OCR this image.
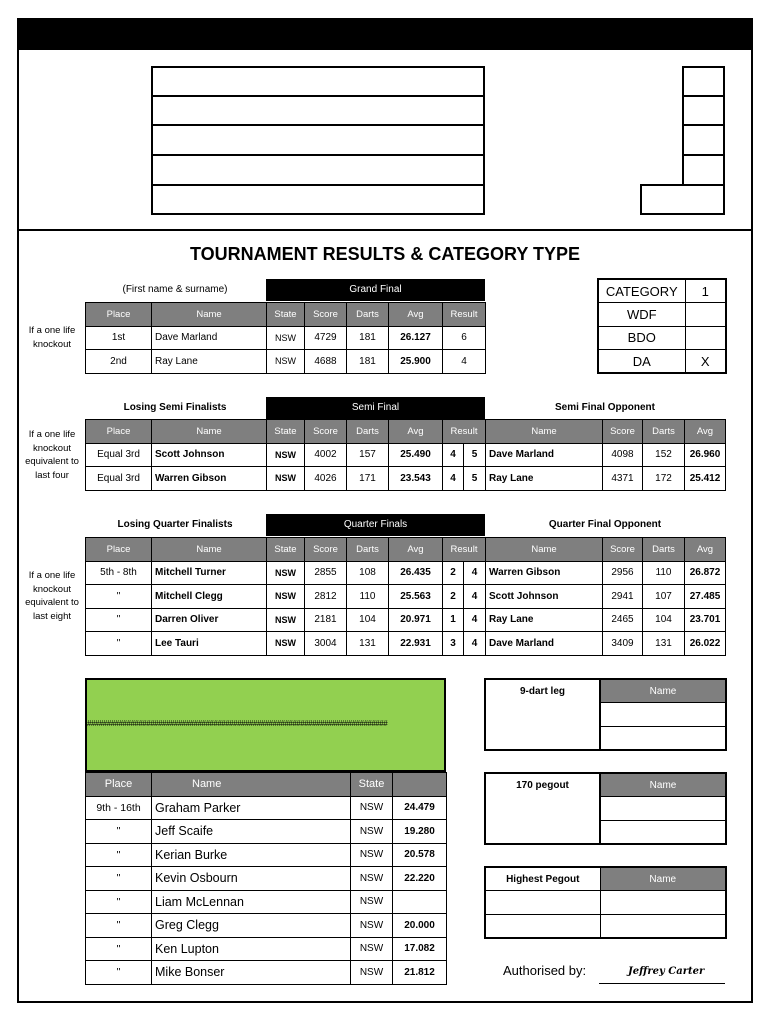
TOURNAMENT RESULTS & CATEGORY TYPE
(First name & surname)	Grand Final
If a one life knockout
Place	Name	State	Score	Darts	Avg	Result
1st	Dave Marland	NSW	4729	181	26.127	6
2nd	Ray Lane	NSW	4688	181	25.900	4
CATEGORY	1
WDF	
BDO	
DA	X
Losing Semi Finalists	Semi Final	Semi Final Opponent
If a one life knockout equivalent to last four
Place	Name	State	Score	Darts	Avg	Result		Name	Score	Darts	Avg
Equal 3rd	Scott Johnson	NSW	4002	157	25.490	4	5	Dave Marland	4098	152	26.960
Equal 3rd	Warren Gibson	NSW	4026	171	23.543	4	5	Ray Lane	4371	172	25.412
Losing Quarter Finalists	Quarter Finals	Quarter Final Opponent
If a one life knockout equivalent to last eight
Place	Name	State	Score	Darts	Avg	Result		Name	Score	Darts	Avg
5th - 8th	Mitchell Turner	NSW	2855	108	26.435	2	4	Warren Gibson	2956	110	26.872
"	Mitchell Clegg	NSW	2812	110	25.563	2	4	Scott Johnson	2941	107	27.485
"	Darren Oliver	NSW	2181	104	20.971	1	4	Ray Lane	2465	104	23.701
"	Lee Tauri	NSW	3004	131	22.931	3	4	Dave Marland	3409	131	26.022
############################################################################
Place	Name	State	
9th - 16th	Graham Parker	NSW	24.479
"	Jeff Scaife	NSW	19.280
"	Kerian Burke	NSW	20.578
"	Kevin Osbourn	NSW	22.220
"	Liam McLennan	NSW	
"	Greg Clegg	NSW	20.000
"	Ken Lupton	NSW	17.082
"	Mike Bonser	NSW	21.812
9-dart leg	Name

170 pegout	Name

Highest Pegout	Name

Authorised by:	Jeffrey Carter
